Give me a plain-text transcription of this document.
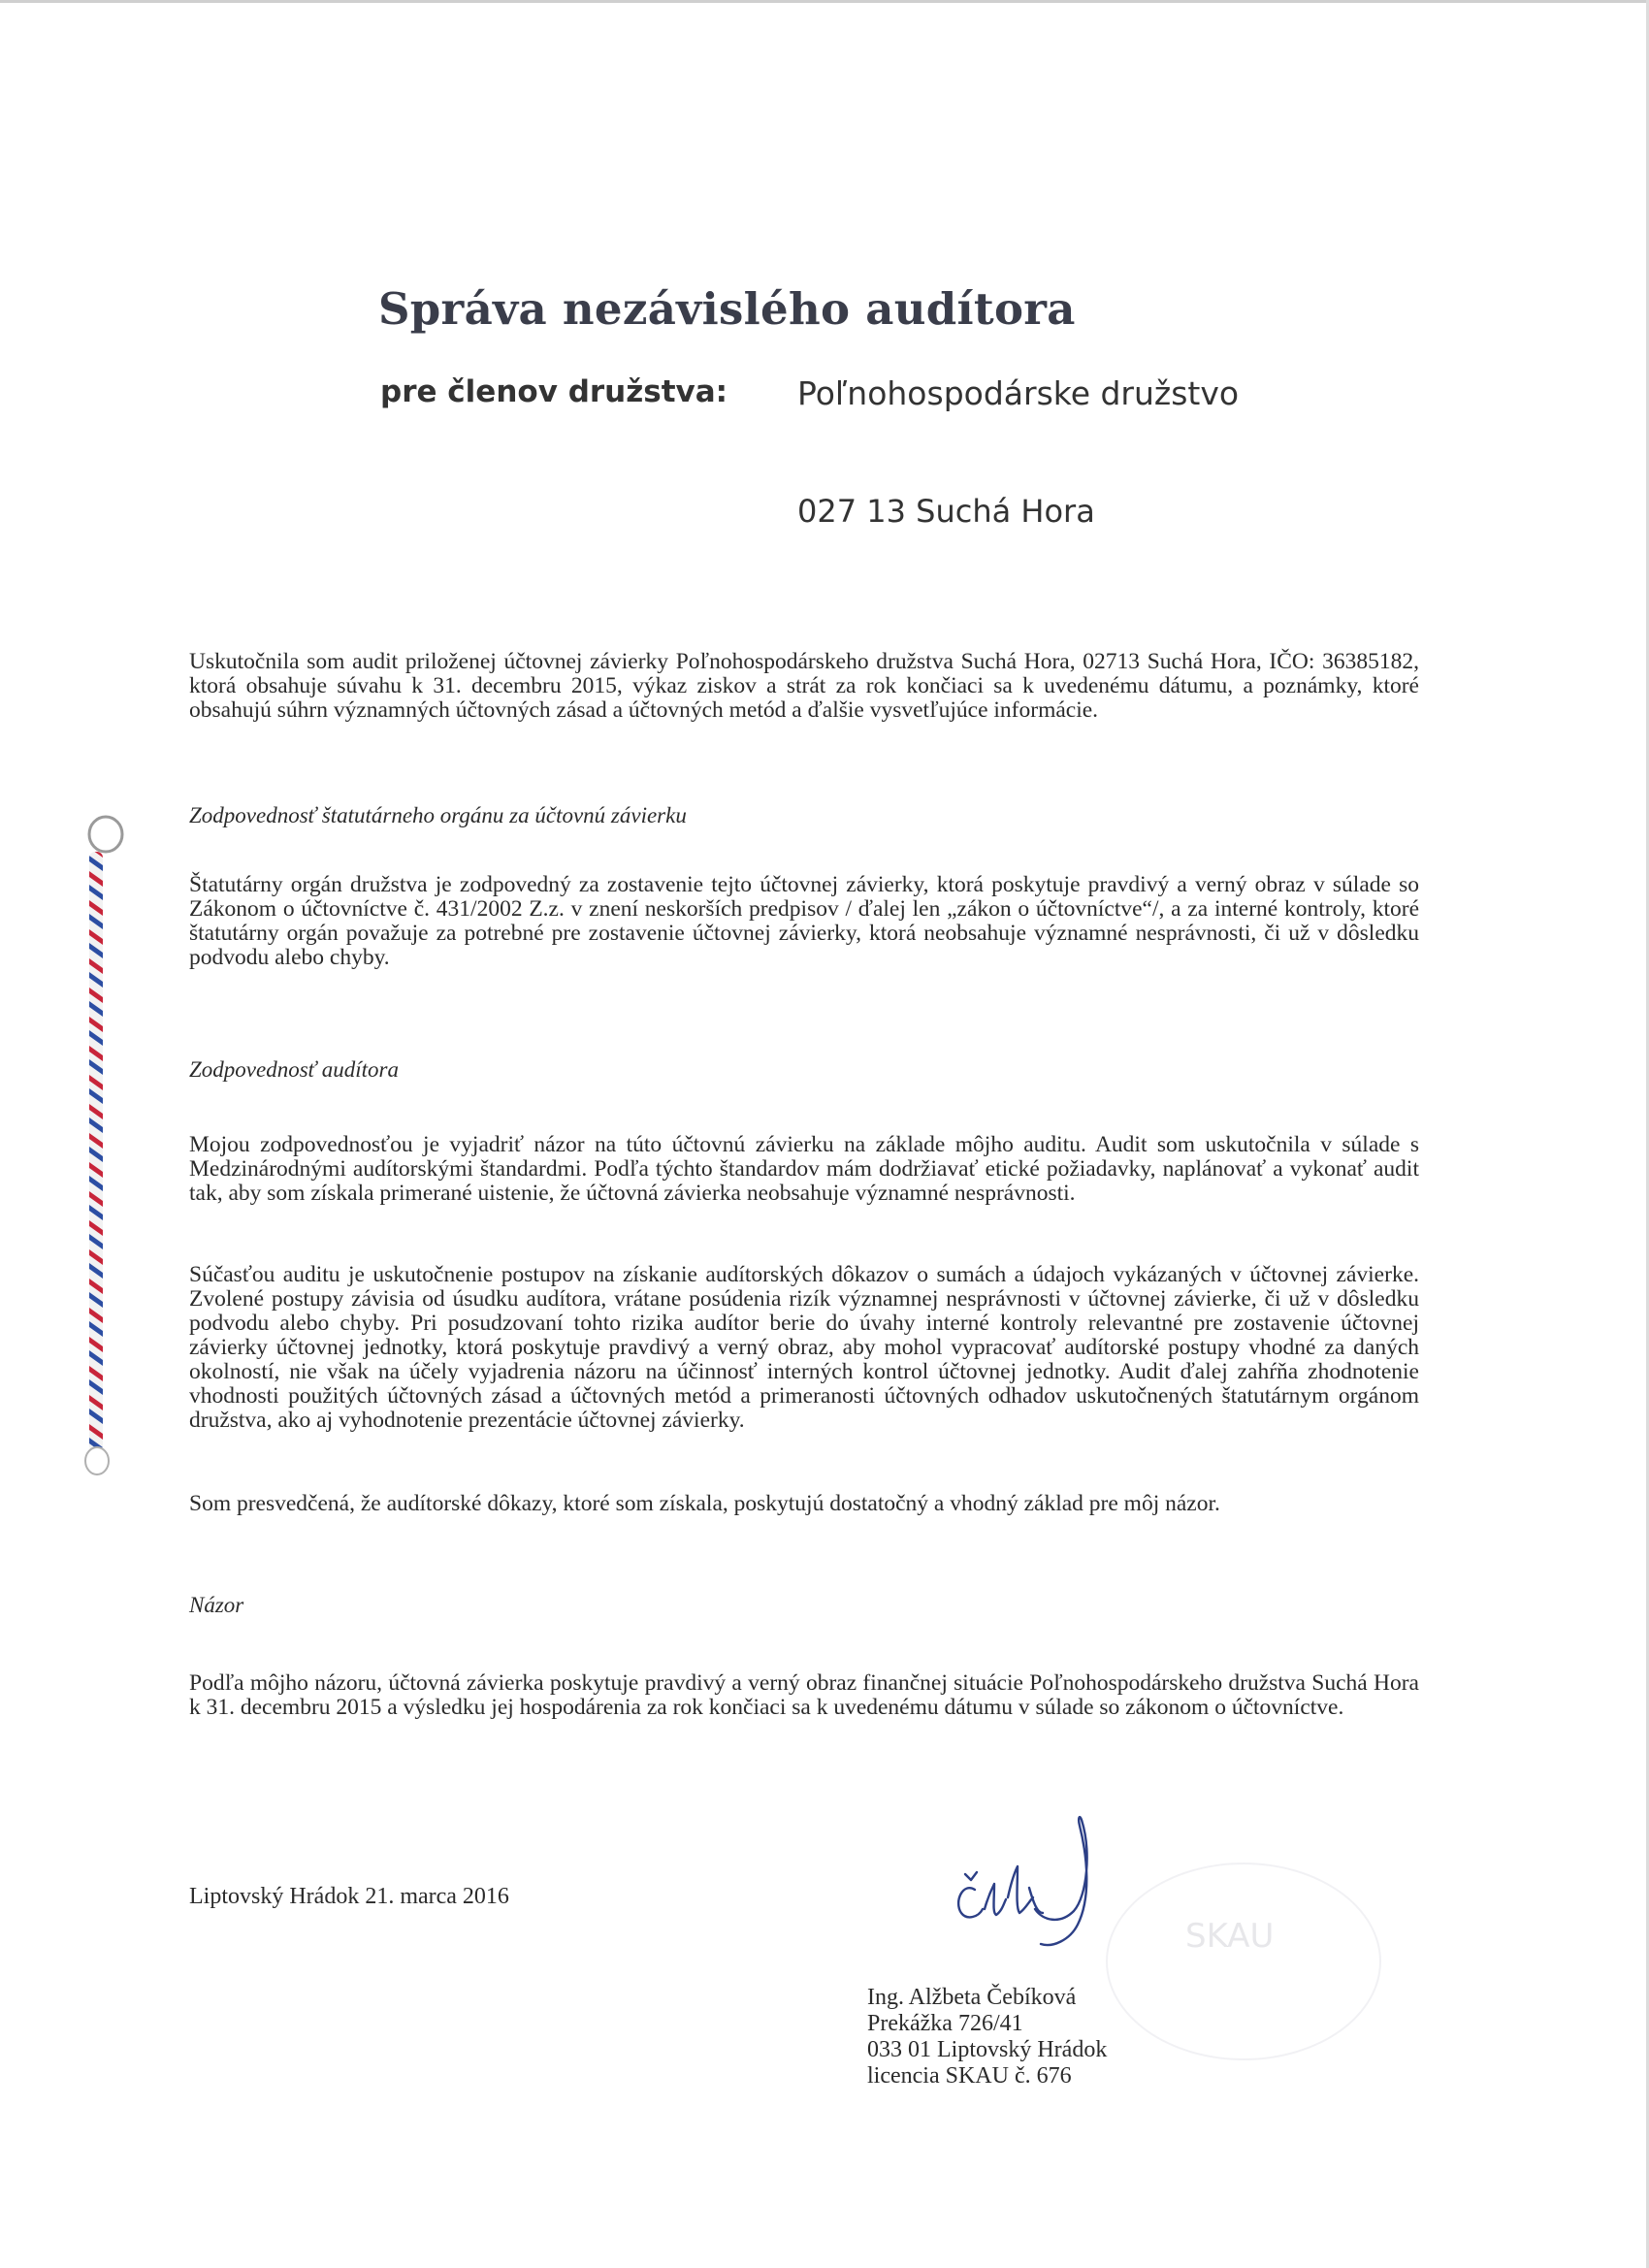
Správa nezávislého audítora
pre členov družstva: Poľnohospodárske družstvo
027 13 Suchá Hora

Uskutočnila som audit priloženej účtovnej závierky Poľnohospodárskeho družstva Suchá Hora, 02713 Suchá Hora, IČO: 36385182, ktorá obsahuje súvahu k 31. decembru 2015, výkaz ziskov a strát za rok končiaci sa k uvedenému dátumu, a poznámky, ktoré obsahujú súhrn významných účtovných zásad a účtovných metód a ďalšie vysvetľujúce informácie.

Zodpovednosť štatutárneho orgánu za účtovnú závierku

Štatutárny orgán družstva je zodpovedný za zostavenie tejto účtovnej závierky, ktorá poskytuje pravdivý a verný obraz v súlade so Zákonom o účtovníctve č. 431/2002 Z.z. v znení neskorších predpisov / ďalej len „zákon o účtovníctve“/, a za interné kontroly, ktoré štatutárny orgán považuje za potrebné pre zostavenie účtovnej závierky, ktorá neobsahuje významné nesprávnosti, či už v dôsledku podvodu alebo chyby.

Zodpovednosť audítora

Mojou zodpovednosťou je vyjadriť názor na túto účtovnú závierku na základe môjho auditu. Audit som uskutočnila v súlade s Medzinárodnými audítorskými štandardmi. Podľa týchto štandardov mám dodržiavať etické požiadavky, naplánovať a vykonať audit tak, aby som získala primerané uistenie, že účtovná závierka neobsahuje významné nesprávnosti.

Súčasťou auditu je uskutočnenie postupov na získanie audítorských dôkazov o sumách a údajoch vykázaných v účtovnej závierke. Zvolené postupy závisia od úsudku audítora, vrátane posúdenia rizík významnej nesprávnosti v účtovnej závierke, či už v dôsledku podvodu alebo chyby. Pri posudzovaní tohto rizika audítor berie do úvahy interné kontroly relevantné pre zostavenie účtovnej závierky účtovnej jednotky, ktorá poskytuje pravdivý a verný obraz, aby mohol vypracovať audítorské postupy vhodné za daných okolností, nie však na účely vyjadrenia názoru na účinnosť interných kontrol účtovnej jednotky. Audit ďalej zahŕňa zhodnotenie vhodnosti použitých účtovných zásad a účtovných metód a primeranosti účtovných odhadov uskutočnených štatutárnym orgánom družstva, ako aj vyhodnotenie prezentácie účtovnej závierky.

Som presvedčená, že audítorské dôkazy, ktoré som získala, poskytujú dostatočný a vhodný základ pre môj názor.

Názor

Podľa môjho názoru, účtovná závierka poskytuje pravdivý a verný obraz finančnej situácie Poľnohospodárskeho družstva Suchá Hora k 31. decembru 2015 a výsledku jej hospodárenia za rok končiaci sa k uvedenému dátumu v súlade so zákonom o účtovníctve.

Liptovský Hrádok 21. marca 2016
SKAU
Ing. Alžbeta Čebíková
Prekážka 726/41
033 01 Liptovský Hrádok
licencia SKAU č. 676
